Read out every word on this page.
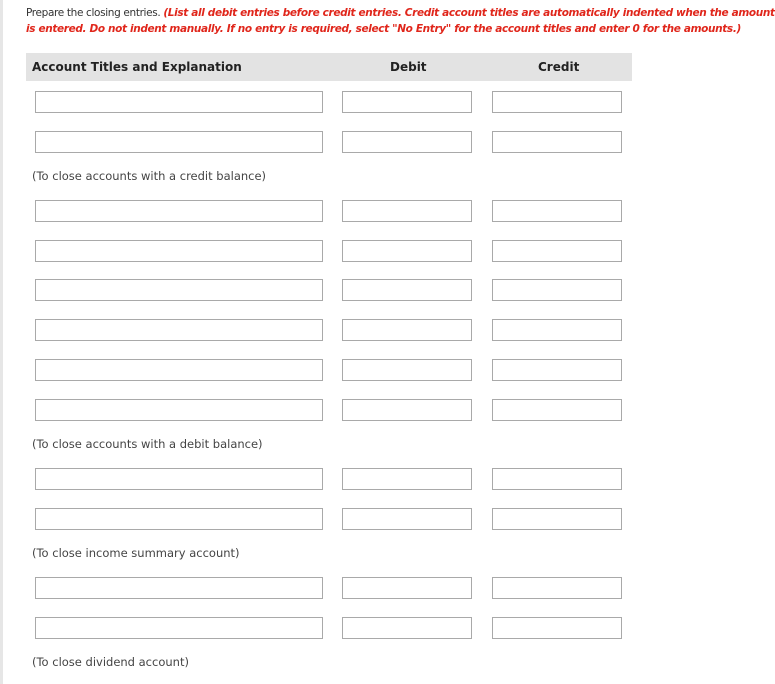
Prepare the closing entries. (List all debit entries before credit entries. Credit account titles are automatically indented when the amount
is entered. Do not indent manually. If no entry is required, select "No Entry" for the account titles and enter 0 for the amounts.)
Account Titles and Explanation	Debit	Credit
(To close accounts with a credit balance)
(To close accounts with a debit balance)
(To close income summary account)
(To close dividend account)
